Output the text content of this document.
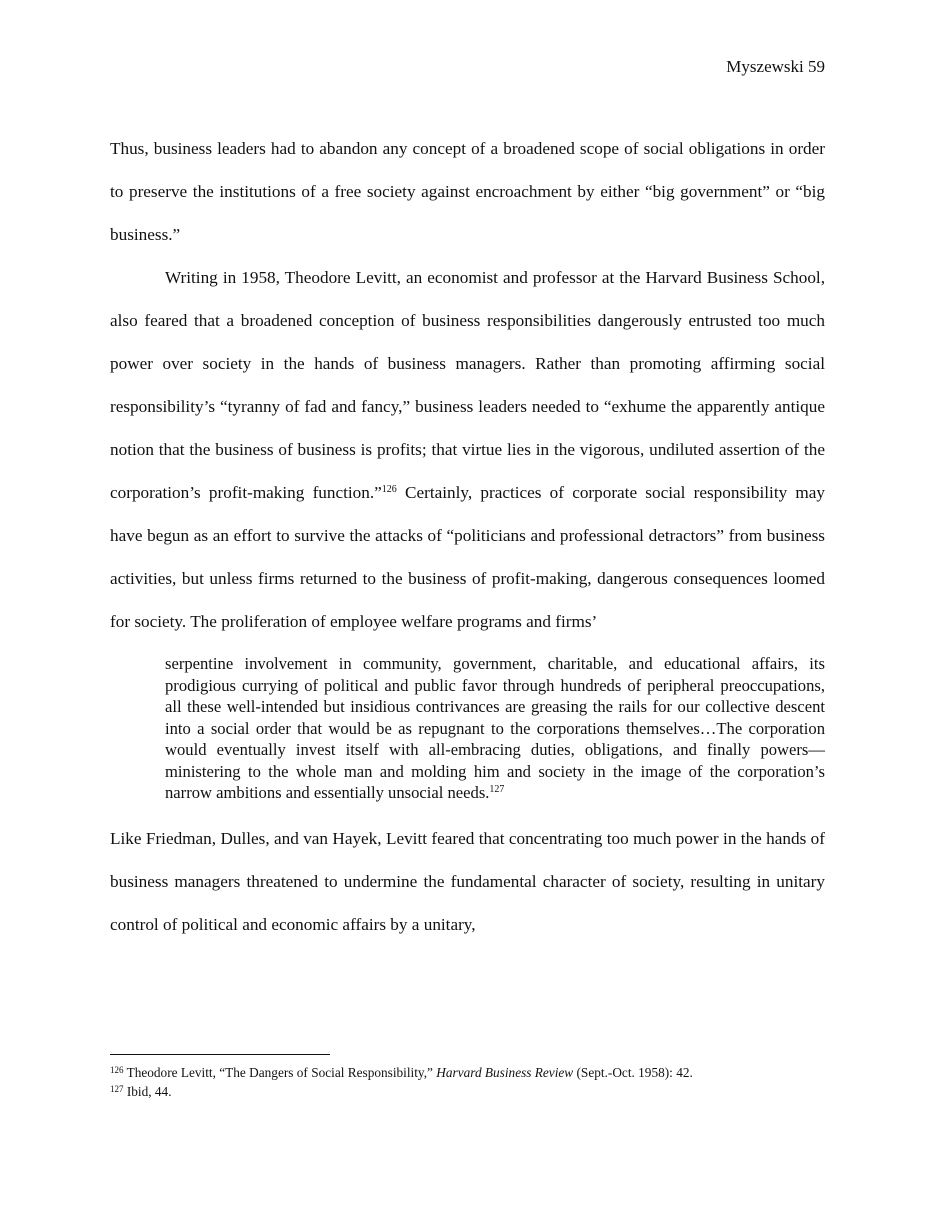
Myszewski 59

Thus, business leaders had to abandon any concept of a broadened scope of social obligations in order to preserve the institutions of a free society against encroachment by either “big government” or “big business.”

Writing in 1958, Theodore Levitt, an economist and professor at the Harvard Business School, also feared that a broadened conception of business responsibilities dangerously entrusted too much power over society in the hands of business managers. Rather than promoting affirming social responsibility’s “tyranny of fad and fancy,” business leaders needed to “exhume the apparently antique notion that the business of business is profits; that virtue lies in the vigorous, undiluted assertion of the corporation’s profit-making function.”$^{126}$ Certainly, practices of corporate social responsibility may have begun as an effort to survive the attacks of “politicians and professional detractors” from business activities, but unless firms returned to the business of profit-making, dangerous consequences loomed for society. The proliferation of employee welfare programs and firms’

serpentine involvement in community, government, charitable, and educational affairs, its prodigious currying of political and public favor through hundreds of peripheral preoccupations, all these well-intended but insidious contrivances are greasing the rails for our collective descent into a social order that would be as repugnant to the corporations themselves…The corporation would eventually invest itself with all-embracing duties, obligations, and finally powers—ministering to the whole man and molding him and society in the image of the corporation’s narrow ambitions and essentially unsocial needs.$^{127}$

Like Friedman, Dulles, and van Hayek, Levitt feared that concentrating too much power in the hands of business managers threatened to undermine the fundamental character of society, resulting in unitary control of political and economic affairs by a unitary,

$^{126}$ Theodore Levitt, “The Dangers of Social Responsibility,” Harvard Business Review (Sept.-Oct. 1958): 42.

$^{127}$ Ibid, 44.
